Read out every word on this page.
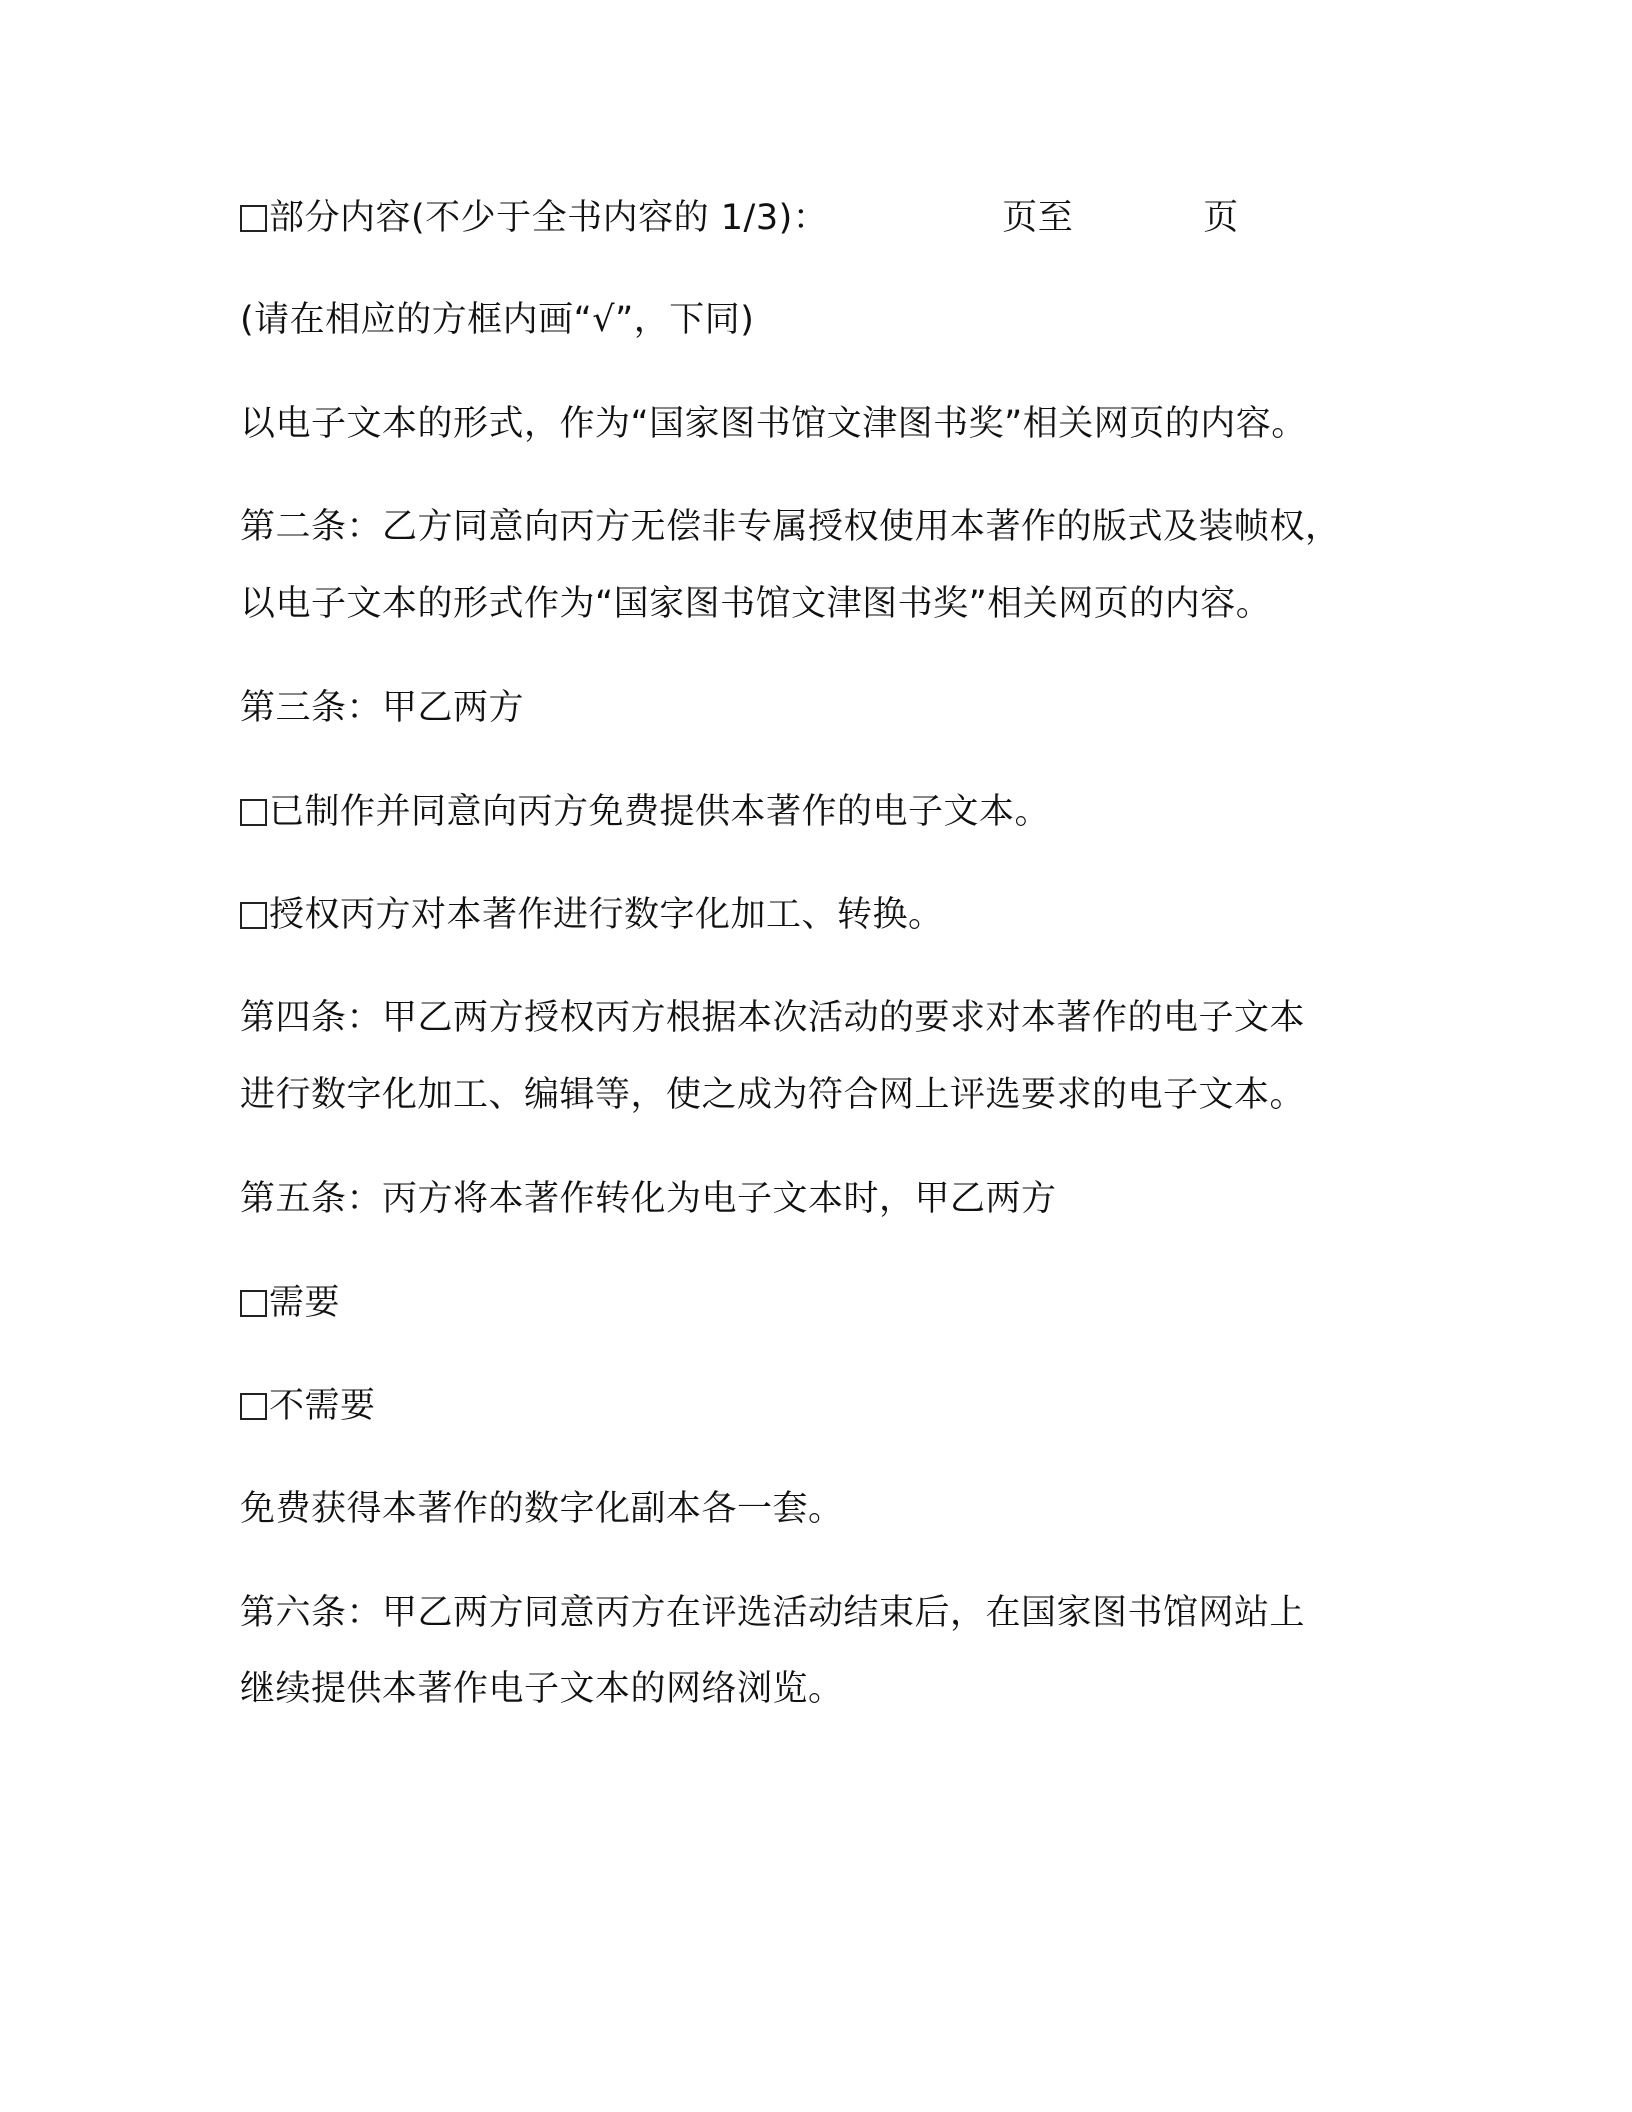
部分内容(不少于全书内容的 1/3)：	页至	页
(请在相应的方框内画“√”，下同)
以电子文本的形式，作为“国家图书馆文津图书奖”相关网页的内容。
第二条：乙方同意向丙方无偿非专属授权使用本著作的版式及装帧权，
以电子文本的形式作为“国家图书馆文津图书奖”相关网页的内容。
第三条：甲乙两方
已制作并同意向丙方免费提供本著作的电子文本。
授权丙方对本著作进行数字化加工、转换。
第四条：甲乙两方授权丙方根据本次活动的要求对本著作的电子文本
进行数字化加工、编辑等，使之成为符合网上评选要求的电子文本。
第五条：丙方将本著作转化为电子文本时，甲乙两方
需要
不需要
免费获得本著作的数字化副本各一套。
第六条：甲乙两方同意丙方在评选活动结束后，在国家图书馆网站上
继续提供本著作电子文本的网络浏览。
